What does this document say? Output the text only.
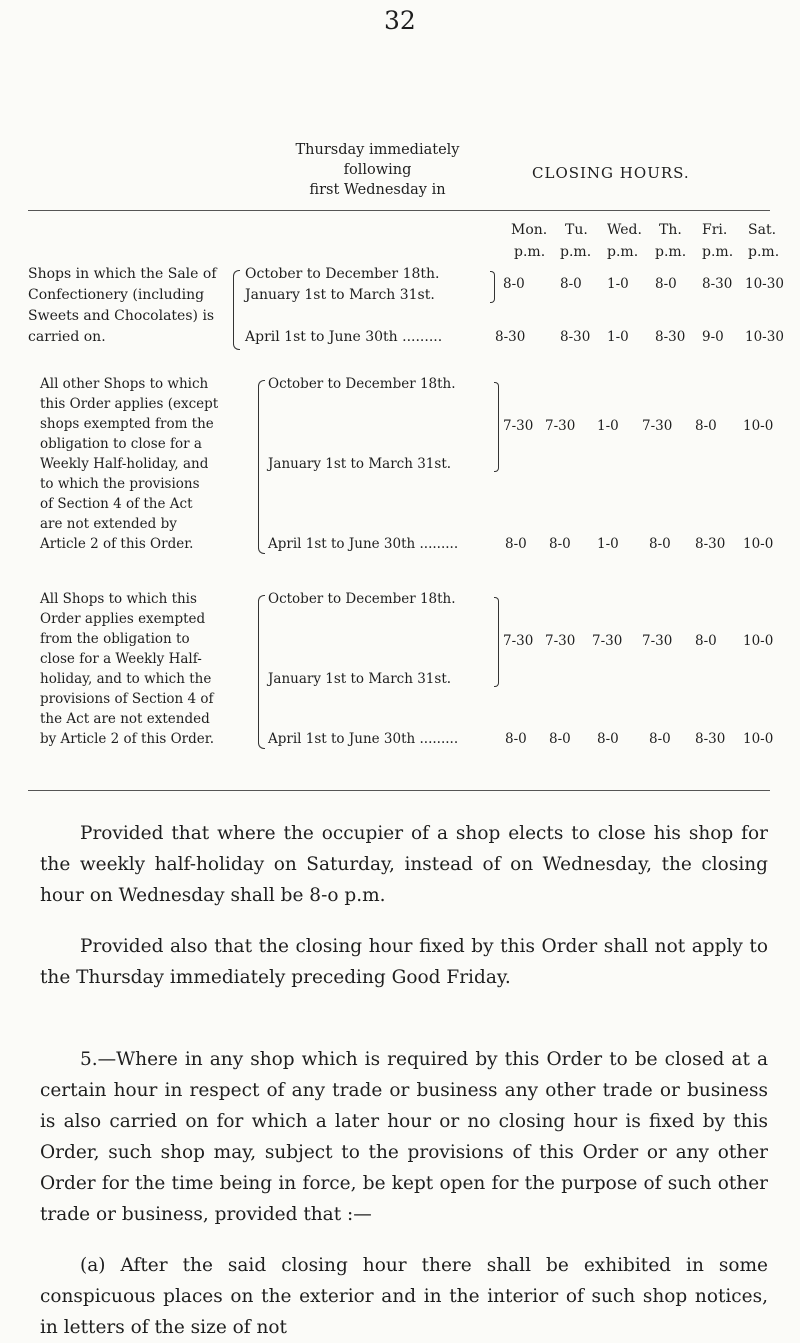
32
Thursday immediately
following
first Wednesday in
CLOSING HOURS.
Mon. Tu. Wed. Th. Fri. Sat.
p.m. p.m. p.m. p.m. p.m. p.m.
Shops in which the Sale of
Confectionery (including
Sweets and Chocolates) is
carried on.
October to December 18th.
January 1st to March 31st.
April 1st to June 30th .........
8-0	8-0 1-0 8-0 8-30 10-30
8-30	8-30 1-0 8-30 9-0 10-30
All other Shops to which
this Order applies (except
shops exempted from the
obligation to close for a
Weekly Half-holiday, and
to which the provisions
of Section 4 of the Act
are not extended by
Article 2 of this Order.
October to December 18th.
January 1st to March 31st.
April 1st to June 30th .........
7-30 7-30 1-0 7-30 8-0 10-0
8-0 8-0 1-0 8-0 8-30 10-0
All Shops to which this
Order applies exempted
from the obligation to
close for a Weekly Half-
holiday, and to which the
provisions of Section 4 of
the Act are not extended
by Article 2 of this Order.
October to December 18th.
January 1st to March 31st.
April 1st to June 30th .........
7-30 7-30 7-30 7-30 8-0 10-0
8-0 8-0 8-0 8-0 8-30 10-0

Provided that where the occupier of a shop elects to close his shop for the weekly half-holiday on Saturday, instead of on Wednesday, the closing hour on Wednesday shall be 8-o p.m.

Provided also that the closing hour fixed by this Order shall not apply to the Thursday immediately preceding Good Friday.

5.—Where in any shop which is required by this Order to be closed at a certain hour in respect of any trade or business any other trade or business is also carried on for which a later hour or no closing hour is fixed by this Order, such shop may, subject to the provisions of this Order or any other Order for the time being in force, be kept open for the purpose of such other trade or business, provided that :—

(a) After the said closing hour there shall be exhibited in some conspicuous places on the exterior and in the interior of such shop notices, in letters of the size of not
